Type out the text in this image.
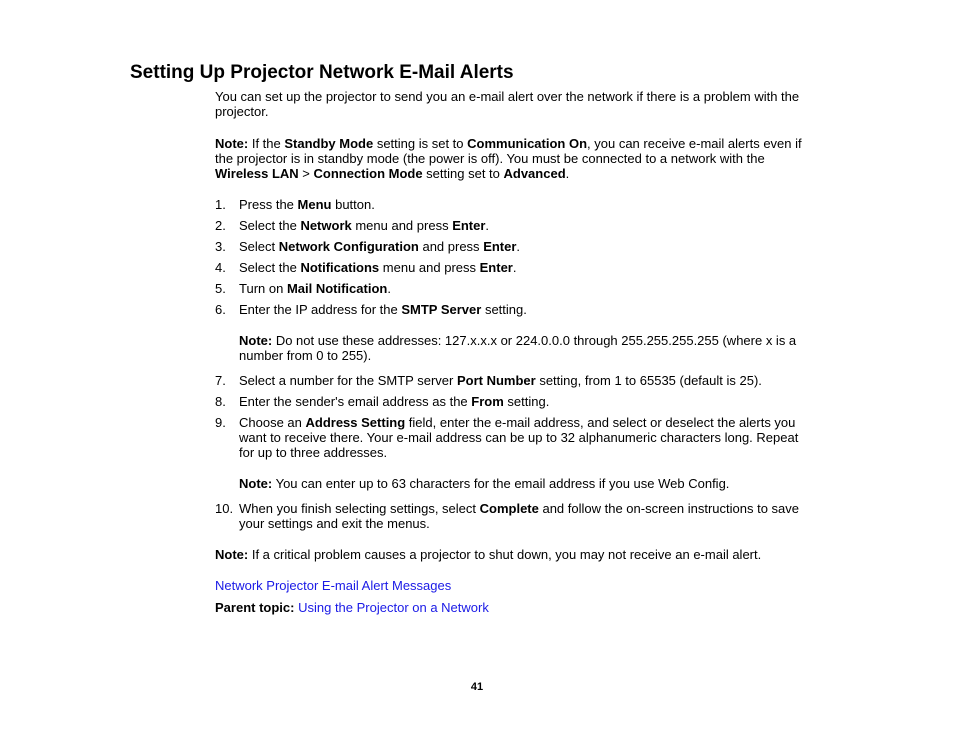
Setting Up Projector Network E-Mail Alerts

You can set up the projector to send you an e-mail alert over the network if there is a problem with the projector.

Note: If the Standby Mode setting is set to Communication On, you can receive e-mail alerts even if the projector is in standby mode (the power is off). You must be connected to a network with the Wireless LAN > Connection Mode setting set to Advanced.

1. Press the Menu button.
2. Select the Network menu and press Enter.
3. Select Network Configuration and press Enter.
4. Select the Notifications menu and press Enter.
5. Turn on Mail Notification.
6. Enter the IP address for the SMTP Server setting.

Note: Do not use these addresses: 127.x.x.x or 224.0.0.0 through 255.255.255.255 (where x is a number from 0 to 255).

7. Select a number for the SMTP server Port Number setting, from 1 to 65535 (default is 25).
8. Enter the sender's email address as the From setting.
9. Choose an Address Setting field, enter the e-mail address, and select or deselect the alerts you want to receive there. Your e-mail address can be up to 32 alphanumeric characters long. Repeat for up to three addresses.

Note: You can enter up to 63 characters for the email address if you use Web Config.

10. When you finish selecting settings, select Complete and follow the on-screen instructions to save your settings and exit the menus.

Note: If a critical problem causes a projector to shut down, you may not receive an e-mail alert.

Network Projector E-mail Alert Messages

Parent topic: Using the Projector on a Network

41
